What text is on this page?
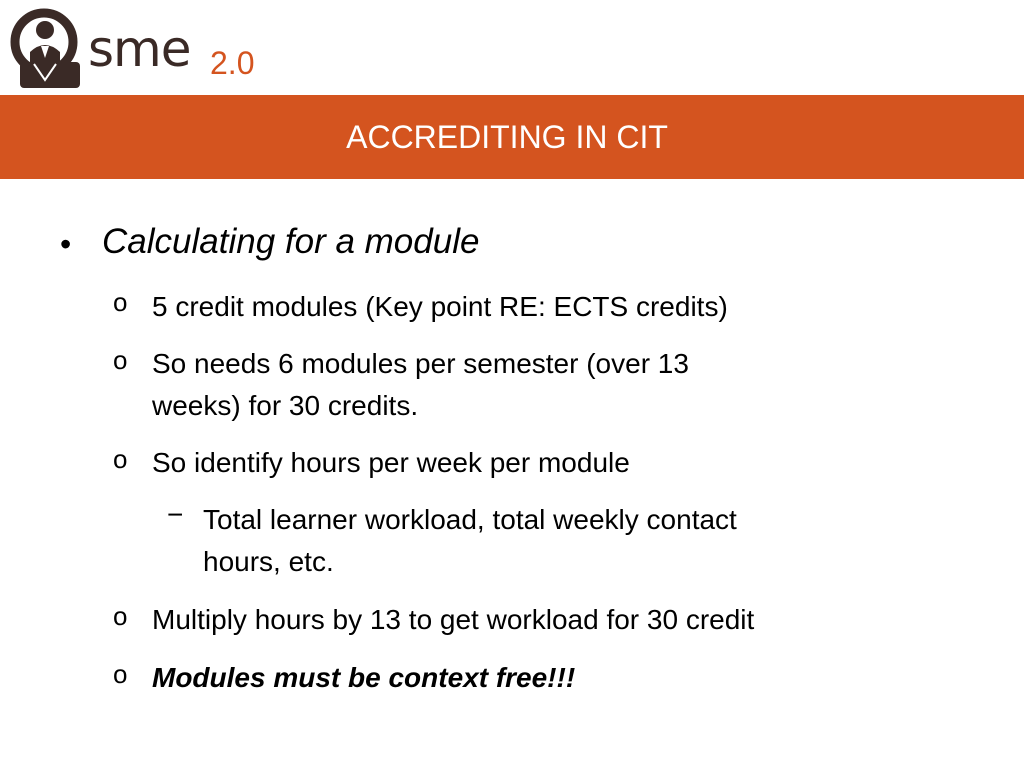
sme 2.0
ACCREDITING IN CIT
• Calculating for a module
o 5 credit modules (Key point RE: ECTS credits)
o So needs 6 modules per semester (over 13
weeks) for 30 credits.
o So identify hours per week per module
− Total learner workload, total weekly contact
hours, etc.
o Multiply hours by 13 to get workload for 30 credit
o Modules must be context free!!!
